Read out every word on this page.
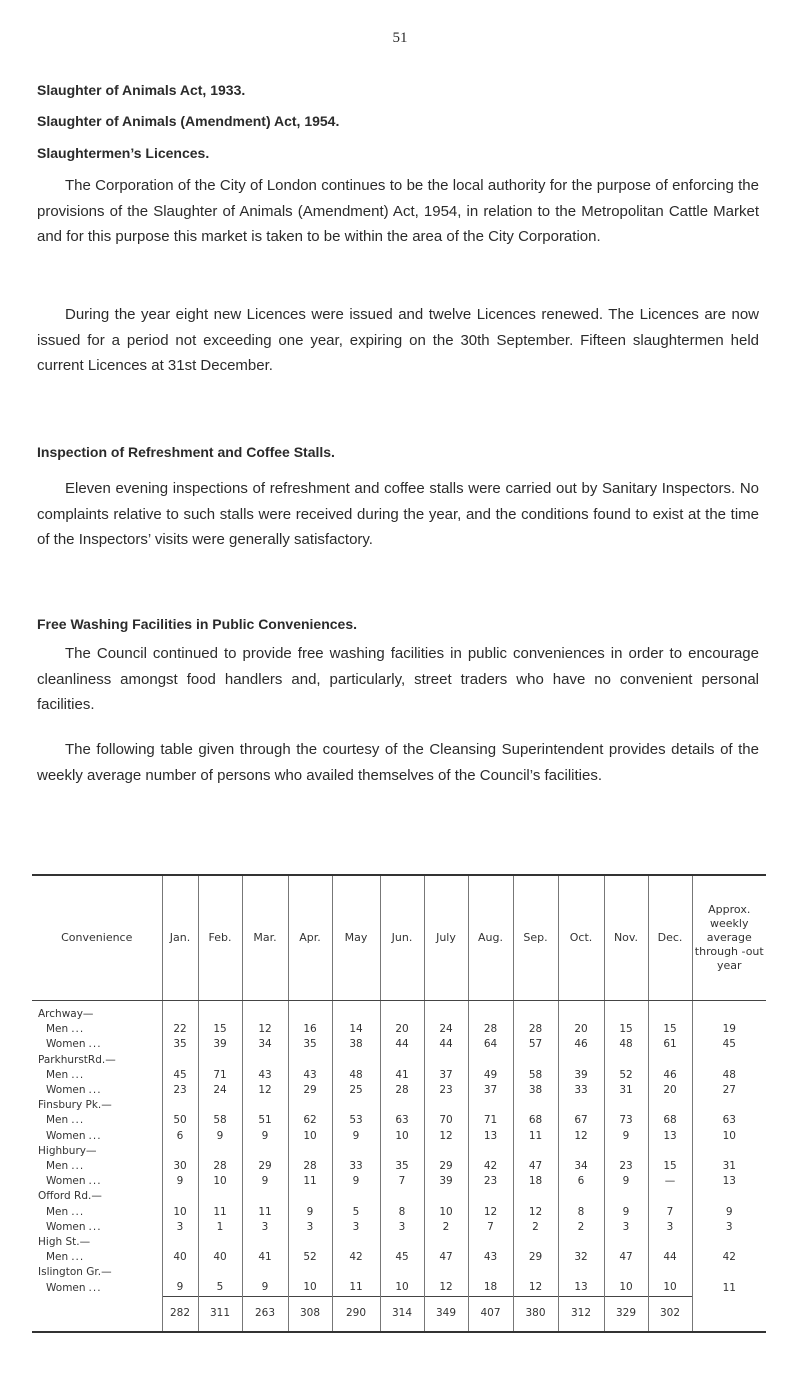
51
Slaughter of Animals Act, 1933.
Slaughter of Animals (Amendment) Act, 1954.
Slaughtermen’s Licences.

The Corporation of the City of London continues to be the local authority for the purpose of enforcing the provisions of the Slaughter of Animals (Amendment) Act, 1954, in relation to the Metropolitan Cattle Market and for this purpose this market is taken to be within the area of the City Corporation.

During the year eight new Licences were issued and twelve Licences renewed. The Licences are now issued for a period not exceeding one year, expiring on the 30th September. Fifteen slaughtermen held current Licences at 31st December.

Inspection of Refreshment and Coffee Stalls.

Eleven evening inspections of refreshment and coffee stalls were carried out by Sanitary Inspectors. No complaints relative to such stalls were received during the year, and the conditions found to exist at the time of the Inspectors’ visits were generally satisfactory.

Free Washing Facilities in Public Conveniences.

The Council continued to provide free washing facilities in public conveniences in order to encourage cleanliness amongst food handlers and, particularly, street traders who have no convenient personal facilities.

The following table given through the courtesy of the Cleansing Superintendent provides details of the weekly average number of persons who availed themselves of the Council’s facilities.

Convenience	Jan.	Feb.	Mar.	Apr.	May	Jun.	July	Aug.	Sep.	Oct.	Nov.	Dec.	Approx. weekly average through -out year
Archway—													
Men ...	22	15	12	16	14	20	24	28	28	20	15	15	19
Women ...	35	39	34	35	38	44	44	64	57	46	48	61	45
ParkhurstRd.—													
Men ...	45	71	43	43	48	41	37	49	58	39	52	46	48
Women ...	23	24	12	29	25	28	23	37	38	33	31	20	27
Finsbury Pk.—													
Men ...	50	58	51	62	53	63	70	71	68	67	73	68	63
Women ...	6	9	9	10	9	10	12	13	11	12	9	13	10
Highbury—													
Men ...	30	28	29	28	33	35	29	42	47	34	23	15	31
Women ...	9	10	9	11	9	7	39	23	18	6	9	—	13
Offord Rd.—													
Men ...	10	11	11	9	5	8	10	12	12	8	9	7	9
Women ...	3	1	3	3	3	3	2	7	2	2	3	3	3
High St.—													
Men ...	40	40	41	52	42	45	47	43	29	32	47	44	42
Islington Gr.—													
Women ...	9	5	9	10	11	10	12	18	12	13	10	10	11
	282	311	263	308	290	314	349	407	380	312	329	302	
